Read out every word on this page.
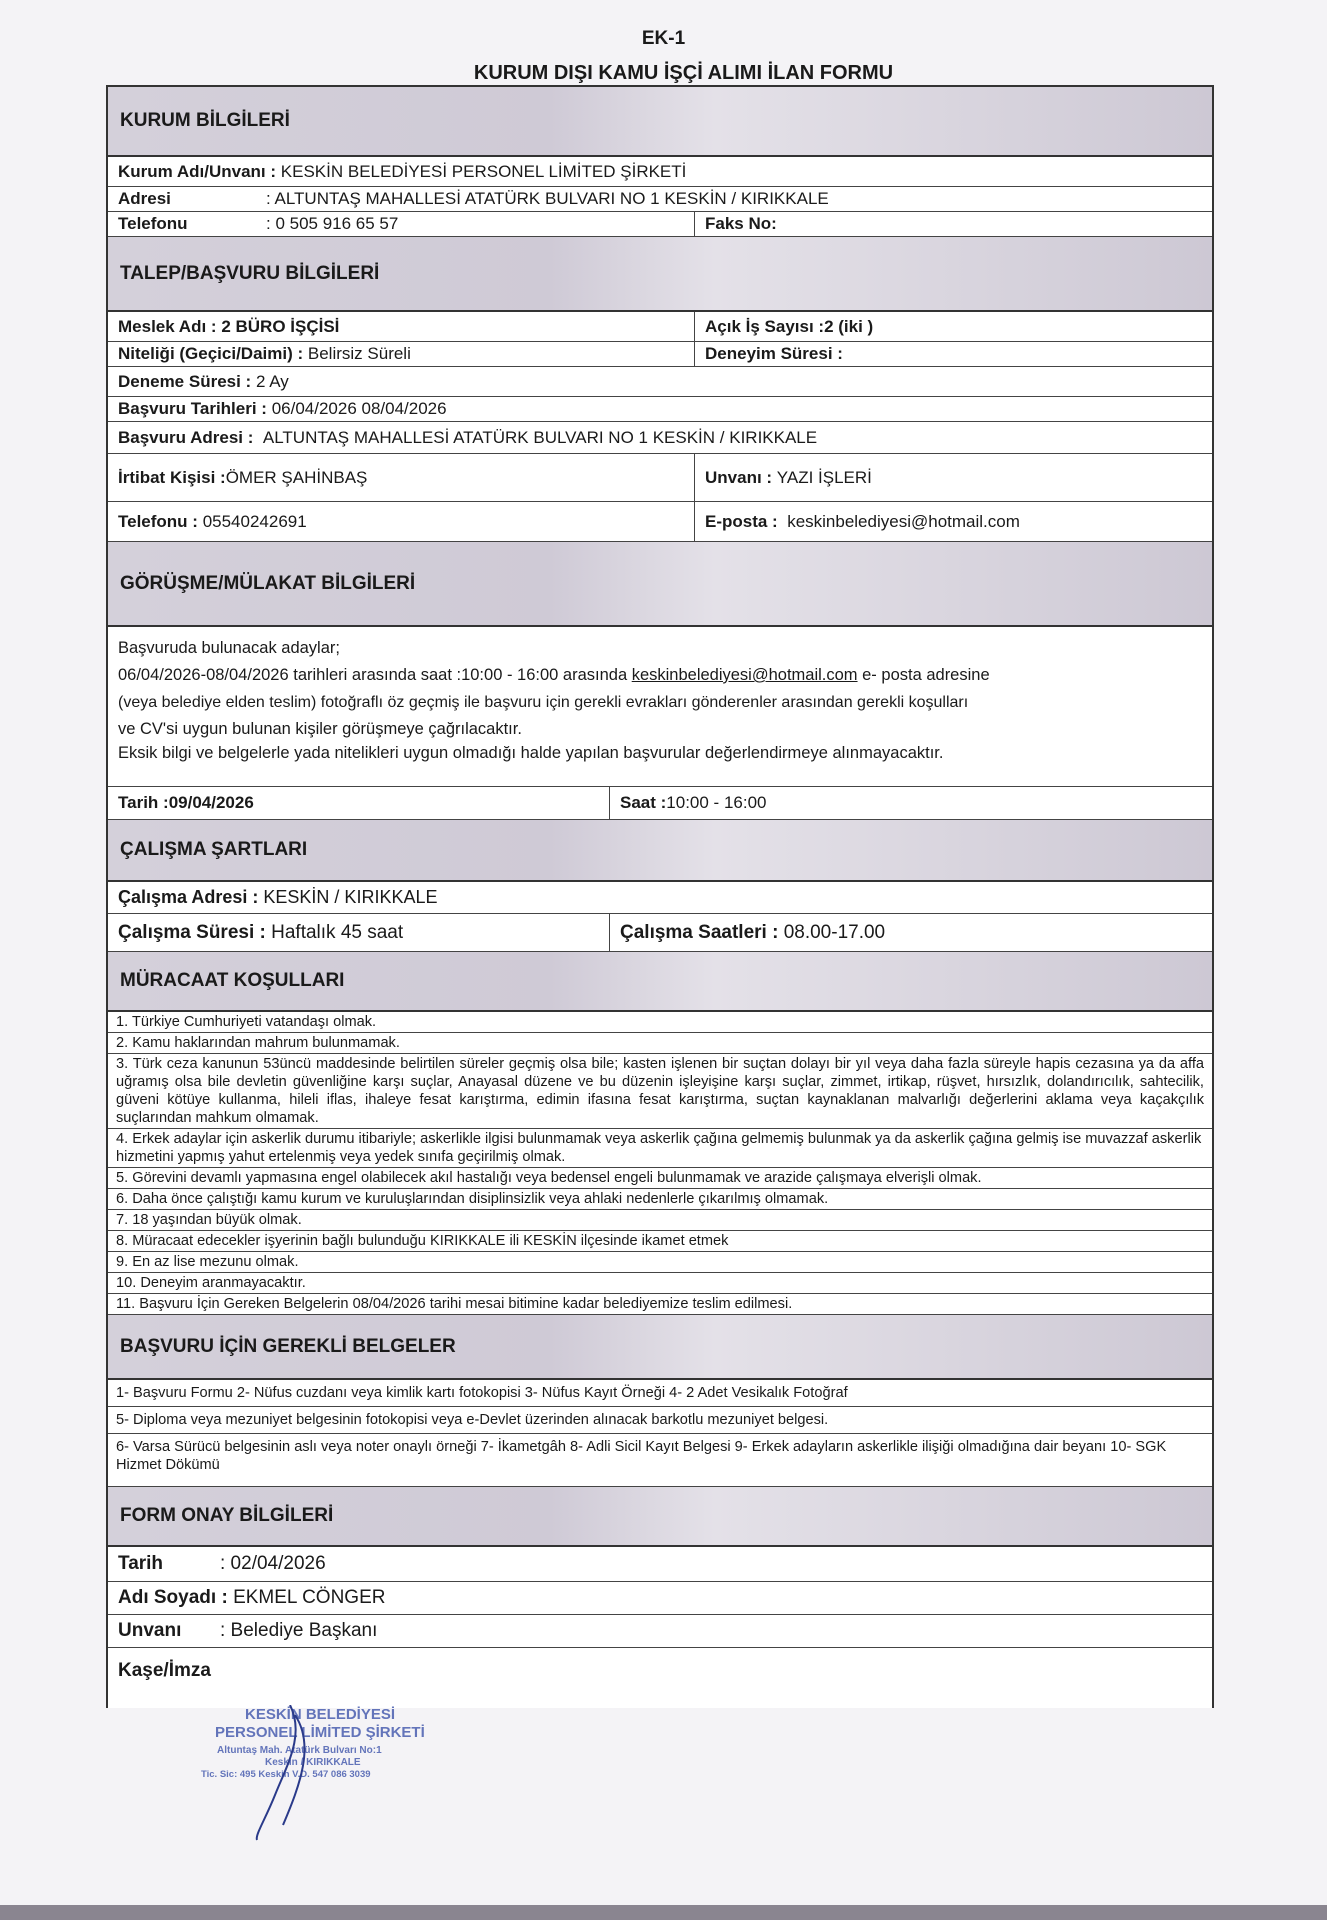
EK-1
KURUM DIŞI KAMU İŞÇİ ALIMI İLAN FORMU
KURUM BİLGİLERİ
Kurum Adı/Unvanı :
KESKİN BELEDİYESİ PERSONEL LİMİTED ŞİRKETİ
Adresi	: ALTUNTAŞ MAHALLESİ ATATÜRK BULVARI NO 1 KESKİN / KIRIKKALE
Telefonu	: 0 505 916 65 57	Faks No:
TALEP/BAŞVURU BİLGİLERİ
Meslek Adı :
2 BÜRO İŞÇİSİ	Açık İş Sayısı : 2 (iki )
Niteliği (Geçici/Daimi) :
Belirsiz Süreli	Deneyim Süresi :
Deneme Süresi :
2 Ay
Başvuru Tarihleri :
06/04/2026 08/04/2026
Başvuru Adresi :
ALTUNTAŞ MAHALLESİ ATATÜRK BULVARI NO 1 KESKİN / KIRIKKALE
İrtibat Kişisi : ÖMER ŞAHİNBAŞ	Unvanı :
YAZI İŞLERİ
Telefonu :
05540242691	E-posta :
keskinbelediyesi@hotmail.com
GÖRÜŞME/MÜLAKAT BİLGİLERİ
Başvuruda bulunacak adaylar;
06/04/2026-08/04/2026 tarihleri arasında saat :10:00 - 16:00 arasında keskinbelediyesi@hotmail.com e- posta adresine
(veya belediye elden teslim) fotoğraflı öz geçmiş ile başvuru için gerekli evrakları gönderenler arasından gerekli koşulları
ve CV'si uygun bulunan kişiler görüşmeye çağrılacaktır.
Eksik bilgi ve belgelerle yada nitelikleri uygun olmadığı halde yapılan başvurular değerlendirmeye alınmayacaktır.
Tarih : 09/04/2026	Saat : 10:00 - 16:00
ÇALIŞMA ŞARTLARI
Çalışma Adresi :
KESKİN / KIRIKKALE
Çalışma Süresi :
Haftalık 45 saat	Çalışma Saatleri :
08.00-17.00
MÜRACAAT KOŞULLARI
1. Türkiye Cumhuriyeti vatandaşı olmak.
2. Kamu haklarından mahrum bulunmamak.
3. Türk ceza kanunun 53üncü maddesinde belirtilen süreler geçmiş olsa bile; kasten işlenen bir suçtan dolayı bir yıl veya daha fazla süreyle hapis cezasına ya da affa uğramış olsa bile devletin güvenliğine karşı suçlar, Anayasal düzene ve bu düzenin işleyişine karşı suçlar, zimmet, irtikap, rüşvet, hırsızlık, dolandırıcılık, sahtecilik, güveni kötüye kullanma, hileli iflas, ihaleye fesat karıştırma, edimin ifasına fesat karıştırma, suçtan kaynaklanan malvarlığı değerlerini aklama veya kaçakçılık suçlarından mahkum olmamak.
4. Erkek adaylar için askerlik durumu itibariyle; askerlikle ilgisi bulunmamak veya askerlik çağına gelmemiş bulunmak ya da askerlik çağına gelmiş ise muvazzaf askerlik hizmetini yapmış yahut ertelenmiş veya yedek sınıfa geçirilmiş olmak.
5. Görevini devamlı yapmasına engel olabilecek akıl hastalığı veya bedensel engeli bulunmamak ve arazide çalışmaya elverişli olmak.
6. Daha önce çalıştığı kamu kurum ve kuruluşlarından disiplinsizlik veya ahlaki nedenlerle çıkarılmış olmamak.
7. 18 yaşından büyük olmak.
8. Müracaat edecekler işyerinin bağlı bulunduğu KIRIKKALE ili KESKİN ilçesinde ikamet etmek
9. En az lise mezunu olmak.
10. Deneyim aranmayacaktır.
11. Başvuru İçin Gereken Belgelerin 08/04/2026 tarihi mesai bitimine kadar belediyemize teslim edilmesi.
BAŞVURU İÇİN GEREKLİ BELGELER
1- Başvuru Formu 2- Nüfus cuzdanı veya kimlik kartı fotokopisi 3- Nüfus Kayıt Örneği 4- 2 Adet Vesikalık Fotoğraf
5- Diploma veya mezuniyet belgesinin fotokopisi veya e-Devlet üzerinden alınacak barkotlu mezuniyet belgesi.
6- Varsa Sürücü belgesinin aslı veya noter onaylı örneği 7- İkametgâh 8- Adli Sicil Kayıt Belgesi 9- Erkek adayların askerlikle ilişiği olmadığına dair beyanı 10- SGK Hizmet Dökümü
FORM ONAY BİLGİLERİ
Tarih	: 02/04/2026
Adı Soyadı :
EKMEL CÖNGER
Unvanı	: Belediye Başkanı
Kaşe/İmza
KESKİN BELEDİYESİ
PERSONEL LİMİTED ŞİRKETİ
Altuntaş Mah. Atatürk Bulvarı No:1
Keskin / KIRIKKALE
Tic. Sic: 495 Keskin V.D. 547 086 3039
